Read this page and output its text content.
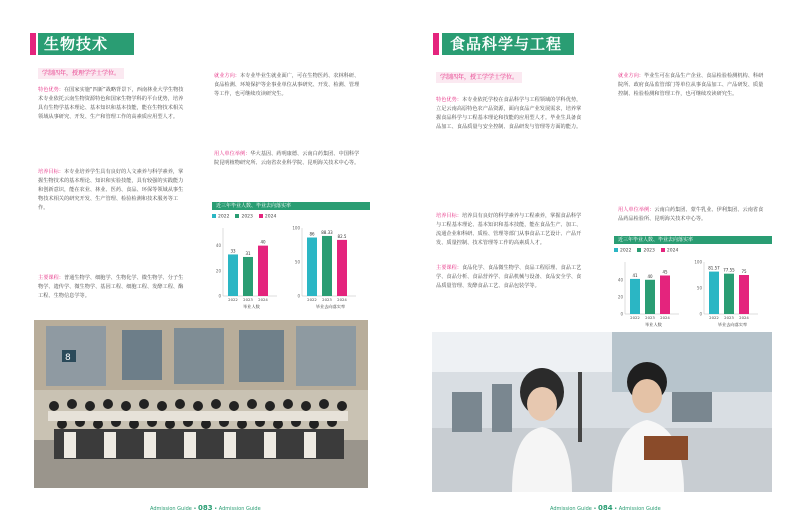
生物技术
学制四年，授理学学士学位。
特色优势：在国家实施“四新”战略背景下，西南林业大学生物技术专业依托云南生物资源特色和国家生物学科的平台优势，培养具有生物学基本理论、基本知识和基本技能，能在生物技术相关领域从事研究、开发、生产和管理工作的高素质应用型人才。
培养目标：本专业培养学生具有良好的人文素养与科学素养，掌握生物技术的基本理论、知识和实验技能，具有较强的实践能力和创新意识，能在农业、林业、医药、食品、环保等领域从事生物技术相关的研究开发、生产管理、检验检测和技术服务等工作。
主要课程：普通生物学、细胞学、生物化学、微生物学、分子生物学、遗传学、微生物学、基因工程、细胞工程、发酵工程、酶工程、生物信息学等。
就业方向：本专业毕业生就业面广，可在生物医药、农林科研、食品检测、环境保护等企事业单位从事研究、开发、检测、管理等工作，也可继续攻读研究生。
用人单位举例：华大基因、药明康德、云南白药集团、中国科学院昆明植物研究所、云南省农业科学院、昆明海关技术中心等。
近三年毕业人数、毕业去向落实率
2022	2023	2024
0
20
40
33
2022
31
2023
40
2024
毕业人数
0
50
100
86
2022
88.33
2023
82.5
2024
毕业去向落实率
8
Admission Guide • 083 • Admission Guide
食品科学与工程
学制四年，授工学学士学位。
特色优势：本专业依托学校在食品科学与工程领域的学科优势，立足云南高原特色农产品资源，面向食品产业发展需求，培养掌握食品科学与工程基本理论和技能的应用型人才。毕业生具备食品加工、食品质量与安全控制、食品研发与管理等方面的能力。
培养目标：培养具有良好的科学素养与工程素养，掌握食品科学与工程基本理论、基本知识和基本技能，能在食品生产、加工、流通企业和科研、质检、管理等部门从事食品工艺设计、产品开发、质量控制、技术管理等工作的高素质人才。
主要课程：食品化学、食品微生物学、食品工程原理、食品工艺学、食品分析、食品营养学、食品机械与设备、食品安全学、食品质量管理、发酵食品工艺、食品包装学等。
就业方向：毕业生可在食品生产企业、食品检验检测机构、科研院所、政府食品监管部门等单位从事食品加工、产品研发、质量控制、检验检测和管理工作，也可继续攻读研究生。
用人单位举例：云南白药集团、蒙牛乳业、伊利集团、云南省食品药品检验所、昆明海关技术中心等。
近三年毕业人数、毕业去向落实率
2022	2023	2024
0
20
40
41
2022
40
2023
45
2024
毕业人数
0
50
100
81.57
2022
77.55
2023
75
2024
毕业去向落实率
Admission Guide • 084 • Admission Guide
